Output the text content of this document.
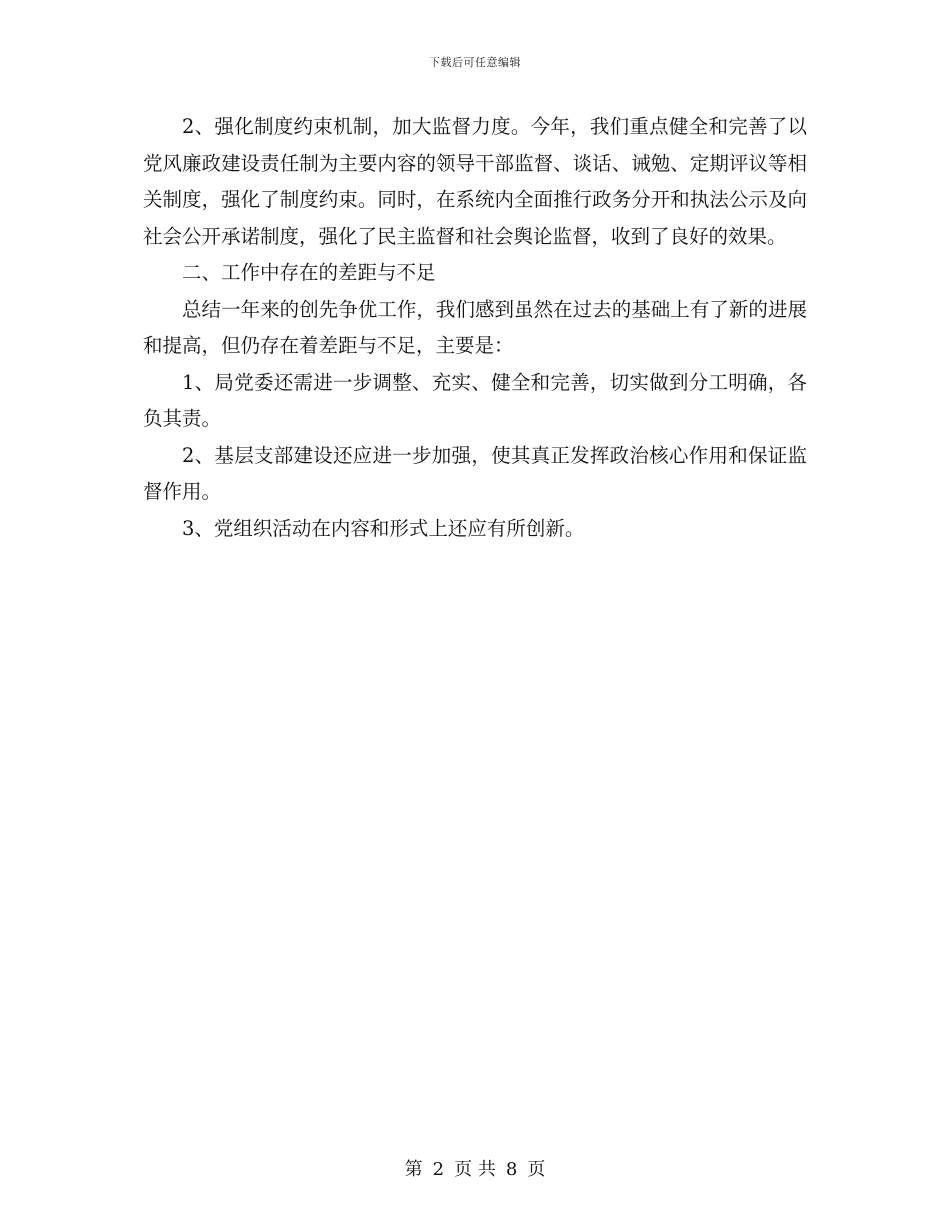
下载后可任意编辑

2、强化制度约束机制，加大监督力度。今年，我们重点健全和完善了以党风廉政建设责任制为主要内容的领导干部监督、谈话、诫勉、定期评议等相关制度，强化了制度约束。同时，在系统内全面推行政务分开和执法公示及向社会公开承诺制度，强化了民主监督和社会舆论监督，收到了良好的效果。

二、工作中存在的差距与不足

总结一年来的创先争优工作，我们感到虽然在过去的基础上有了新的进展和提高，但仍存在着差距与不足，主要是：

1、局党委还需进一步调整、充实、健全和完善，切实做到分工明确，各负其责。

2、基层支部建设还应进一步加强，使其真正发挥政治核心作用和保证监督作用。

3、党组织活动在内容和形式上还应有所创新。

第 2 页 共 8 页
